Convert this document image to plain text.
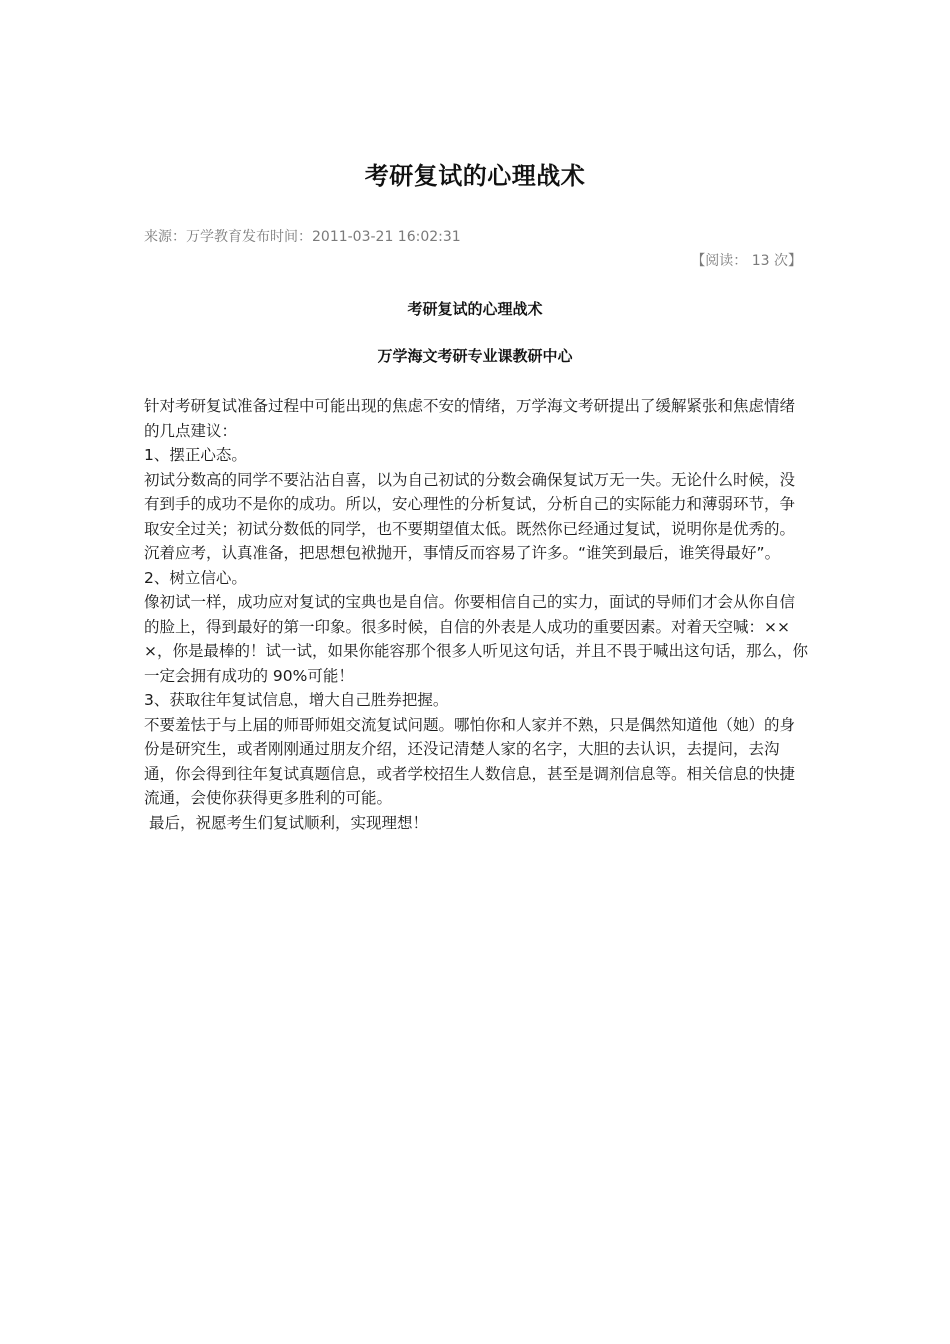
考研复试的心理战术
来源：万学教育发布时间：2011-03-21 16:02:31
【阅读： 13 次】
考研复试的心理战术
万学海文考研专业课教研中心

针对考研复试准备过程中可能出现的焦虑不安的情绪，万学海文考研提出了缓解紧张和焦虑情绪的几点建议：

1、摆正心态。

初试分数高的同学不要沾沾自喜，以为自己初试的分数会确保复试万无一失。无论什么时候，没有到手的成功不是你的成功。所以，安心理性的分析复试，分析自己的实际能力和薄弱环节，争取安全过关；初试分数低的同学，也不要期望值太低。既然你已经通过复试，说明你是优秀的。沉着应考，认真准备，把思想包袱抛开，事情反而容易了许多。“谁笑到最后，谁笑得最好”。

2、树立信心。

像初试一样，成功应对复试的宝典也是自信。你要相信自己的实力，面试的导师们才会从你自信的脸上，得到最好的第一印象。很多时候，自信的外表是人成功的重要因素。对着天空喊：×××，你是最棒的！试一试，如果你能容那个很多人听见这句话，并且不畏于喊出这句话，那么，你一定会拥有成功的 90%可能！

3、获取往年复试信息，增大自己胜券把握。

不要羞怯于与上届的师哥师姐交流复试问题。哪怕你和人家并不熟，只是偶然知道他（她）的身份是研究生，或者刚刚通过朋友介绍，还没记清楚人家的名字，大胆的去认识，去提问，去沟通，你会得到往年复试真题信息，或者学校招生人数信息，甚至是调剂信息等。相关信息的快捷流通，会使你获得更多胜利的可能。

最后，祝愿考生们复试顺利，实现理想！
